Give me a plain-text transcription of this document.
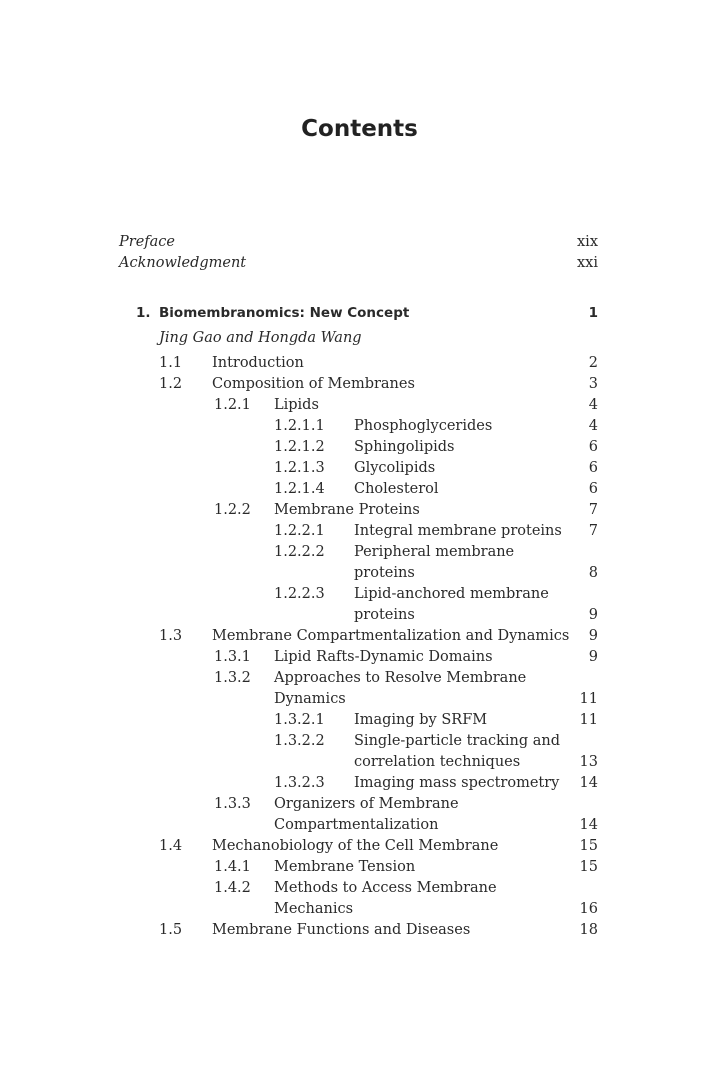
Contents
Preface	xix
Acknowledgment	xxi
1. Biomembranomics: New Concept	1
Jing Gao and Hongda Wang
1.1 Introduction	2
1.2 Composition of Membranes	3
1.2.1 Lipids	4
1.2.1.1 Phosphoglycerides	4
1.2.1.2 Sphingolipids	6
1.2.1.3 Glycolipids	6
1.2.1.4 Cholesterol	6
1.2.2 Membrane Proteins	7
1.2.2.1 Integral membrane proteins 7
1.2.2.2 Peripheral membrane
proteins	8
1.2.2.3 Lipid-anchored membrane
proteins	9
1.3 Membrane Compartmentalization and Dynamics 9
1.3.1 Lipid Rafts-Dynamic Domains	9
1.3.2 Approaches to Resolve Membrane
Dynamics	11
1.3.2.1 Imaging by SRFM	11
1.3.2.2 Single-particle tracking and
correlation techniques	13
1.3.2.3 Imaging mass spectrometry 14
1.3.3 Organizers of Membrane
Compartmentalization	14
1.4 Mechanobiology of the Cell Membrane	15
1.4.1 Membrane Tension	15
1.4.2 Methods to Access Membrane
Mechanics	16
1.5 Membrane Functions and Diseases	18
